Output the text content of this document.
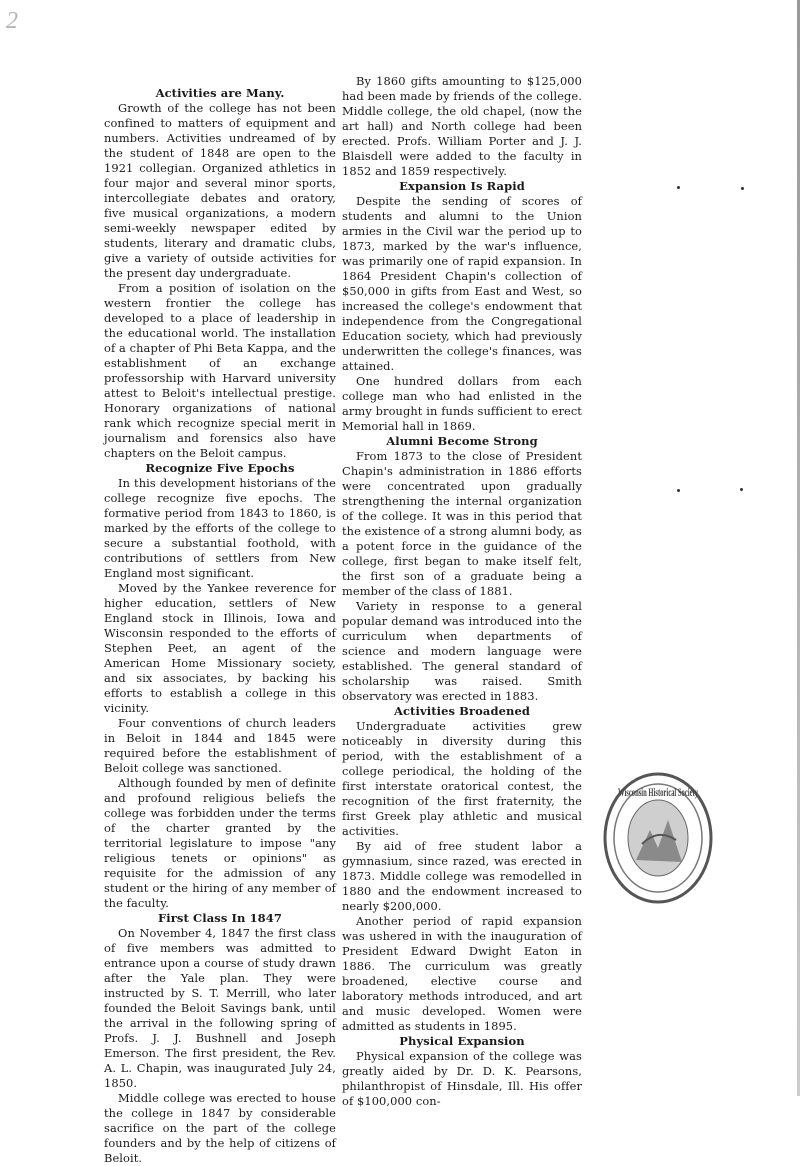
2
Activities are Many.

Growth of the college has not been confined to matters of equipment and numbers. Activities undreamed of by the student of 1848 are open to the 1921 collegian. Organized athletics in four major and several minor sports, intercollegiate debates and oratory, five musical organizations, a modern semi-weekly newspaper edited by students, literary and dramatic clubs, give a variety of outside activities for the present day undergraduate.

From a position of isolation on the western frontier the college has developed to a place of leadership in the educational world. The installation of a chapter of Phi Beta Kappa, and the establishment of an exchange professorship with Harvard university attest to Beloit's intellectual prestige. Honorary organizations of national rank which recognize special merit in journalism and forensics also have chapters on the Beloit campus.

Recognize Five Epochs

In this development historians of the college recognize five epochs. The formative period from 1843 to 1860, is marked by the efforts of the college to secure a substantial foothold, with contributions of settlers from New England most significant.

Moved by the Yankee reverence for higher education, settlers of New England stock in Illinois, Iowa and Wisconsin responded to the efforts of Stephen Peet, an agent of the American Home Missionary society, and six associates, by backing his efforts to establish a college in this vicinity.

Four conventions of church leaders in Beloit in 1844 and 1845 were required before the establishment of Beloit college was sanctioned.

Although founded by men of definite and profound religious beliefs the college was forbidden under the terms of the charter granted by the territorial legislature to impose "any religious tenets or opinions" as requisite for the admission of any student or the hiring of any member of the faculty.

First Class In 1847

On November 4, 1847 the first class of five members was admitted to entrance upon a course of study drawn after the Yale plan. They were instructed by S. T. Merrill, who later founded the Beloit Savings bank, until the arrival in the following spring of Profs. J. J. Bushnell and Joseph Emerson. The first president, the Rev. A. L. Chapin, was inaugurated July 24, 1850.

Middle college was erected to house the college in 1847 by considerable sacrifice on the part of the college founders and by the help of citizens of Beloit.

By 1860 gifts amounting to $125,000 had been made by friends of the college. Middle college, the old chapel, (now the art hall) and North college had been erected. Profs. William Porter and J. J. Blaisdell were added to the faculty in 1852 and 1859 respectively.

Expansion Is Rapid

Despite the sending of scores of students and alumni to the Union armies in the Civil war the period up to 1873, marked by the war's influence, was primarily one of rapid expansion. In 1864 President Chapin's collection of $50,000 in gifts from East and West, so increased the college's endowment that independence from the Congregational Education society, which had previously underwritten the college's finances, was attained.

One hundred dollars from each college man who had enlisted in the army brought in funds sufficient to erect Memorial hall in 1869.

Alumni Become Strong

From 1873 to the close of President Chapin's administration in 1886 efforts were concentrated upon gradually strengthening the internal organization of the college. It was in this period that the existence of a strong alumni body, as a potent force in the guidance of the college, first began to make itself felt, the first son of a graduate being a member of the class of 1881.

Variety in response to a general popular demand was introduced into the curriculum when departments of science and modern language were established. The general standard of scholarship was raised. Smith observatory was erected in 1883.

Activities Broadened

Undergraduate activities grew noticeably in diversity during this period, with the establishment of a college periodical, the holding of the first interstate oratorical contest, the recognition of the first fraternity, the first Greek play athletic and musical activities.

By aid of free student labor a gymnasium, since razed, was erected in 1873. Middle college was remodelled in 1880 and the endowment increased to nearly $200,000.

Another period of rapid expansion was ushered in with the inauguration of President Edward Dwight Eaton in 1886. The curriculum was greatly broadened, elective course and laboratory methods introduced, and art and music developed. Women were admitted as students in 1895.

Physical Expansion

Physical expansion of the college was greatly aided by Dr. D. K. Pearsons, philanthropist of Hinsdale, Ill. His offer of $100,000 con-

Wisconsin Historical Society
